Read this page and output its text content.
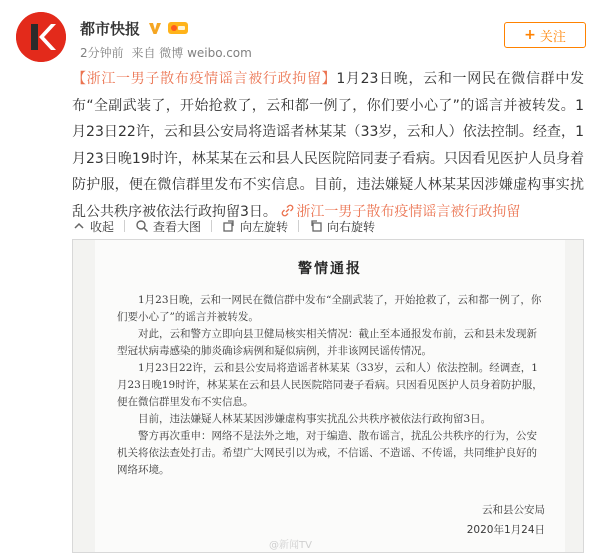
都市快报
2分钟前 来自 微博 weibo.com
+ 关注
【浙江一男子散布疫情谣言被行政拘留】1月23日晚，云和一网民在微信群中发布“全副武装了，开始抢救了，云和都一例了，你们要小心了”的谣言并被转发。1月23日22许，云和县公安局将造谣者林某某（33岁，云和人）依法控制。经查，1月23日晚19时许，林某某在云和县人民医院陪同妻子看病。只因看见医护人员身着防护服，便在微信群里发布不实信息。目前，违法嫌疑人林某某因涉嫌虚构事实扰乱公共秩序被依法行政拘留3日。 浙江一男子散布疫情谣言被行政拘留
收起	查看大图	向左旋转	向右旋转
警情通报

1月23日晚，云和一网民在微信群中发布“全副武装了，开始抢救了，云和都一例了，你们要小心了”的谣言并被转发。

对此，云和警方立即向县卫健局核实相关情况：截止至本通报发布前，云和县未发现新型冠状病毒感染的肺炎确诊病例和疑似病例，并非该网民谣传情况。

1月23日22许，云和县公安局将造谣者林某某（33岁，云和人）依法控制。经调查，1月23日晚19时许，林某某在云和县人民医院陪同妻子看病。只因看见医护人员身着防护服，便在微信群里发布不实信息。

目前，违法嫌疑人林某某因涉嫌虚构事实扰乱公共秩序被依法行政拘留3日。

警方再次重申：网络不是法外之地，对于编造、散布谣言，扰乱公共秩序的行为，公安机关将依法查处打击。希望广大网民引以为戒，不信谣、不造谣、不传谣，共同维护良好的网络环境。

云和县公安局
2020年1月24日
@新闻TV
